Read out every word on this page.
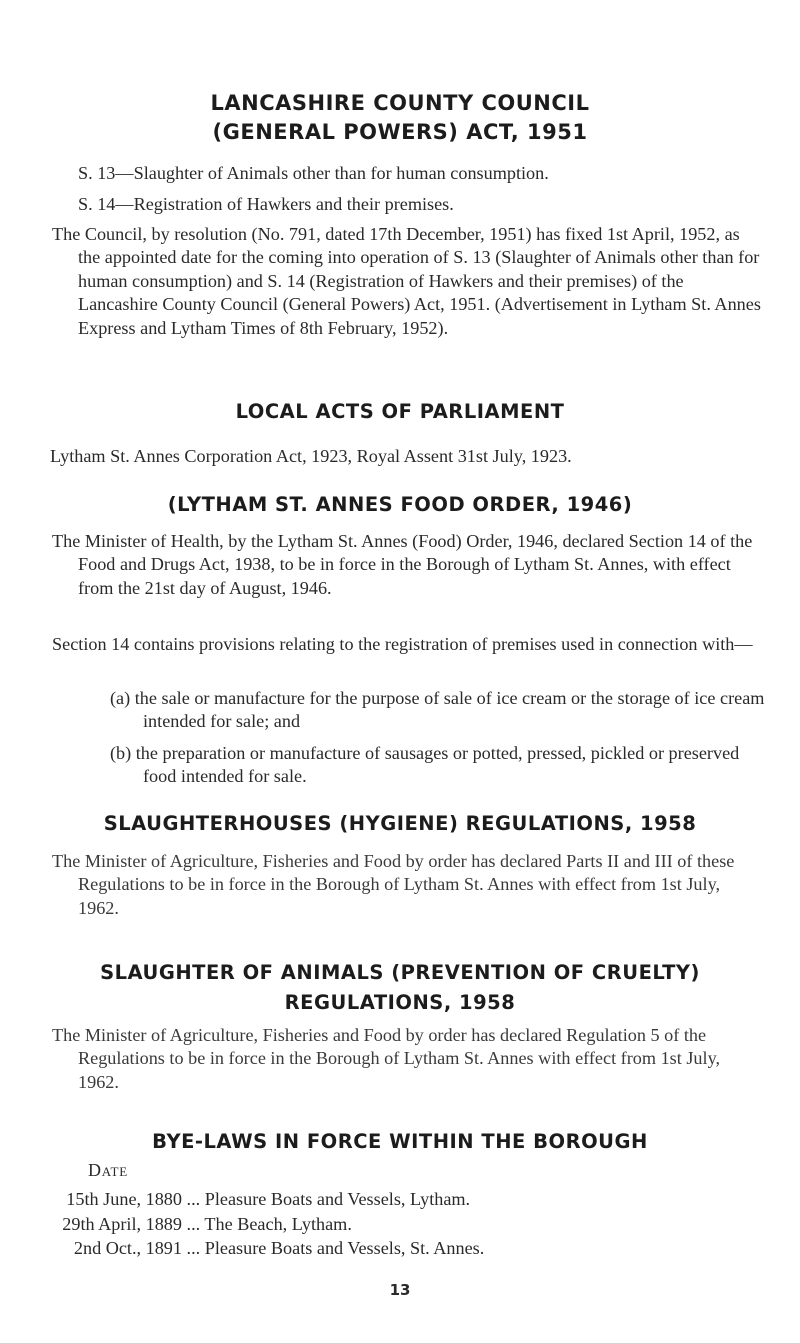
LANCASHIRE COUNTY COUNCIL
(GENERAL POWERS) ACT, 1951
S. 13—Slaughter of Animals other than for human consumption.
S. 14—Registration of Hawkers and their premises.
The Council, by resolution (No. 791, dated 17th December, 1951) has fixed 1st April, 1952, as the appointed date for the coming into operation of S. 13 (Slaughter of Animals other than for human consumption) and S. 14 (Registration of Hawkers and their premises) of the Lancashire County Council (General Powers) Act, 1951. (Advertisement in Lytham St. Annes Express and Lytham Times of 8th February, 1952).
LOCAL ACTS OF PARLIAMENT
Lytham St. Annes Corporation Act, 1923, Royal Assent 31st July, 1923.
(LYTHAM ST. ANNES FOOD ORDER, 1946)
The Minister of Health, by the Lytham St. Annes (Food) Order, 1946, declared Section 14 of the Food and Drugs Act, 1938, to be in force in the Borough of Lytham St. Annes, with effect from the 21st day of August, 1946.
Section 14 contains provisions relating to the registration of premises used in connection with—
(a) the sale or manufacture for the purpose of sale of ice cream or the storage of ice cream intended for sale; and
(b) the preparation or manufacture of sausages or potted, pressed, pickled or preserved food intended for sale.
SLAUGHTERHOUSES (HYGIENE) REGULATIONS, 1958
The Minister of Agriculture, Fisheries and Food by order has declared Parts II and III of these Regulations to be in force in the Borough of Lytham St. Annes with effect from 1st July, 1962.
SLAUGHTER OF ANIMALS (PREVENTION OF CRUELTY)
REGULATIONS, 1958
The Minister of Agriculture, Fisheries and Food by order has declared Regulation 5 of the Regulations to be in force in the Borough of Lytham St. Annes with effect from 1st July, 1962.
BYE-LAWS IN FORCE WITHIN THE BOROUGH
Date
15th June, 1880 ... Pleasure Boats and Vessels, Lytham.
29th April, 1889 ... The Beach, Lytham.
2nd Oct., 1891 ... Pleasure Boats and Vessels, St. Annes.
13
